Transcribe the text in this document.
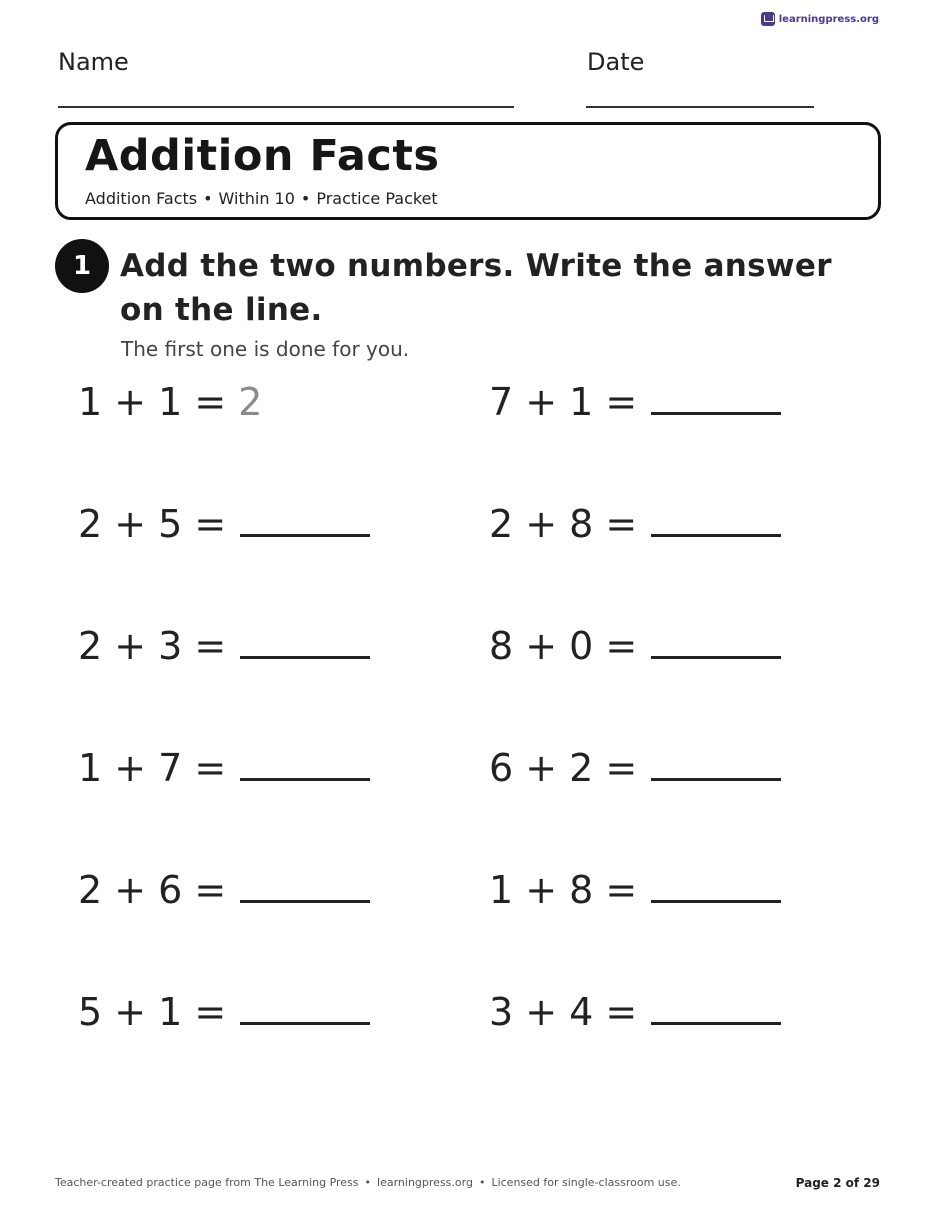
learningpress.org
Name	Date
Addition Facts
Addition Facts • Within 10 • Practice Packet
1 Add the two numbers. Write the answer on the line.
The first one is done for you.
1 + 1 = 2	7 + 1 =
2 + 5 =	2 + 8 =
2 + 3 =	8 + 0 =
1 + 7 =	6 + 2 =
2 + 6 =	1 + 8 =
5 + 1 =	3 + 4 =
Teacher-created practice page from The Learning Press • learningpress.org • Licensed for single-classroom use.	Page 2 of 29
